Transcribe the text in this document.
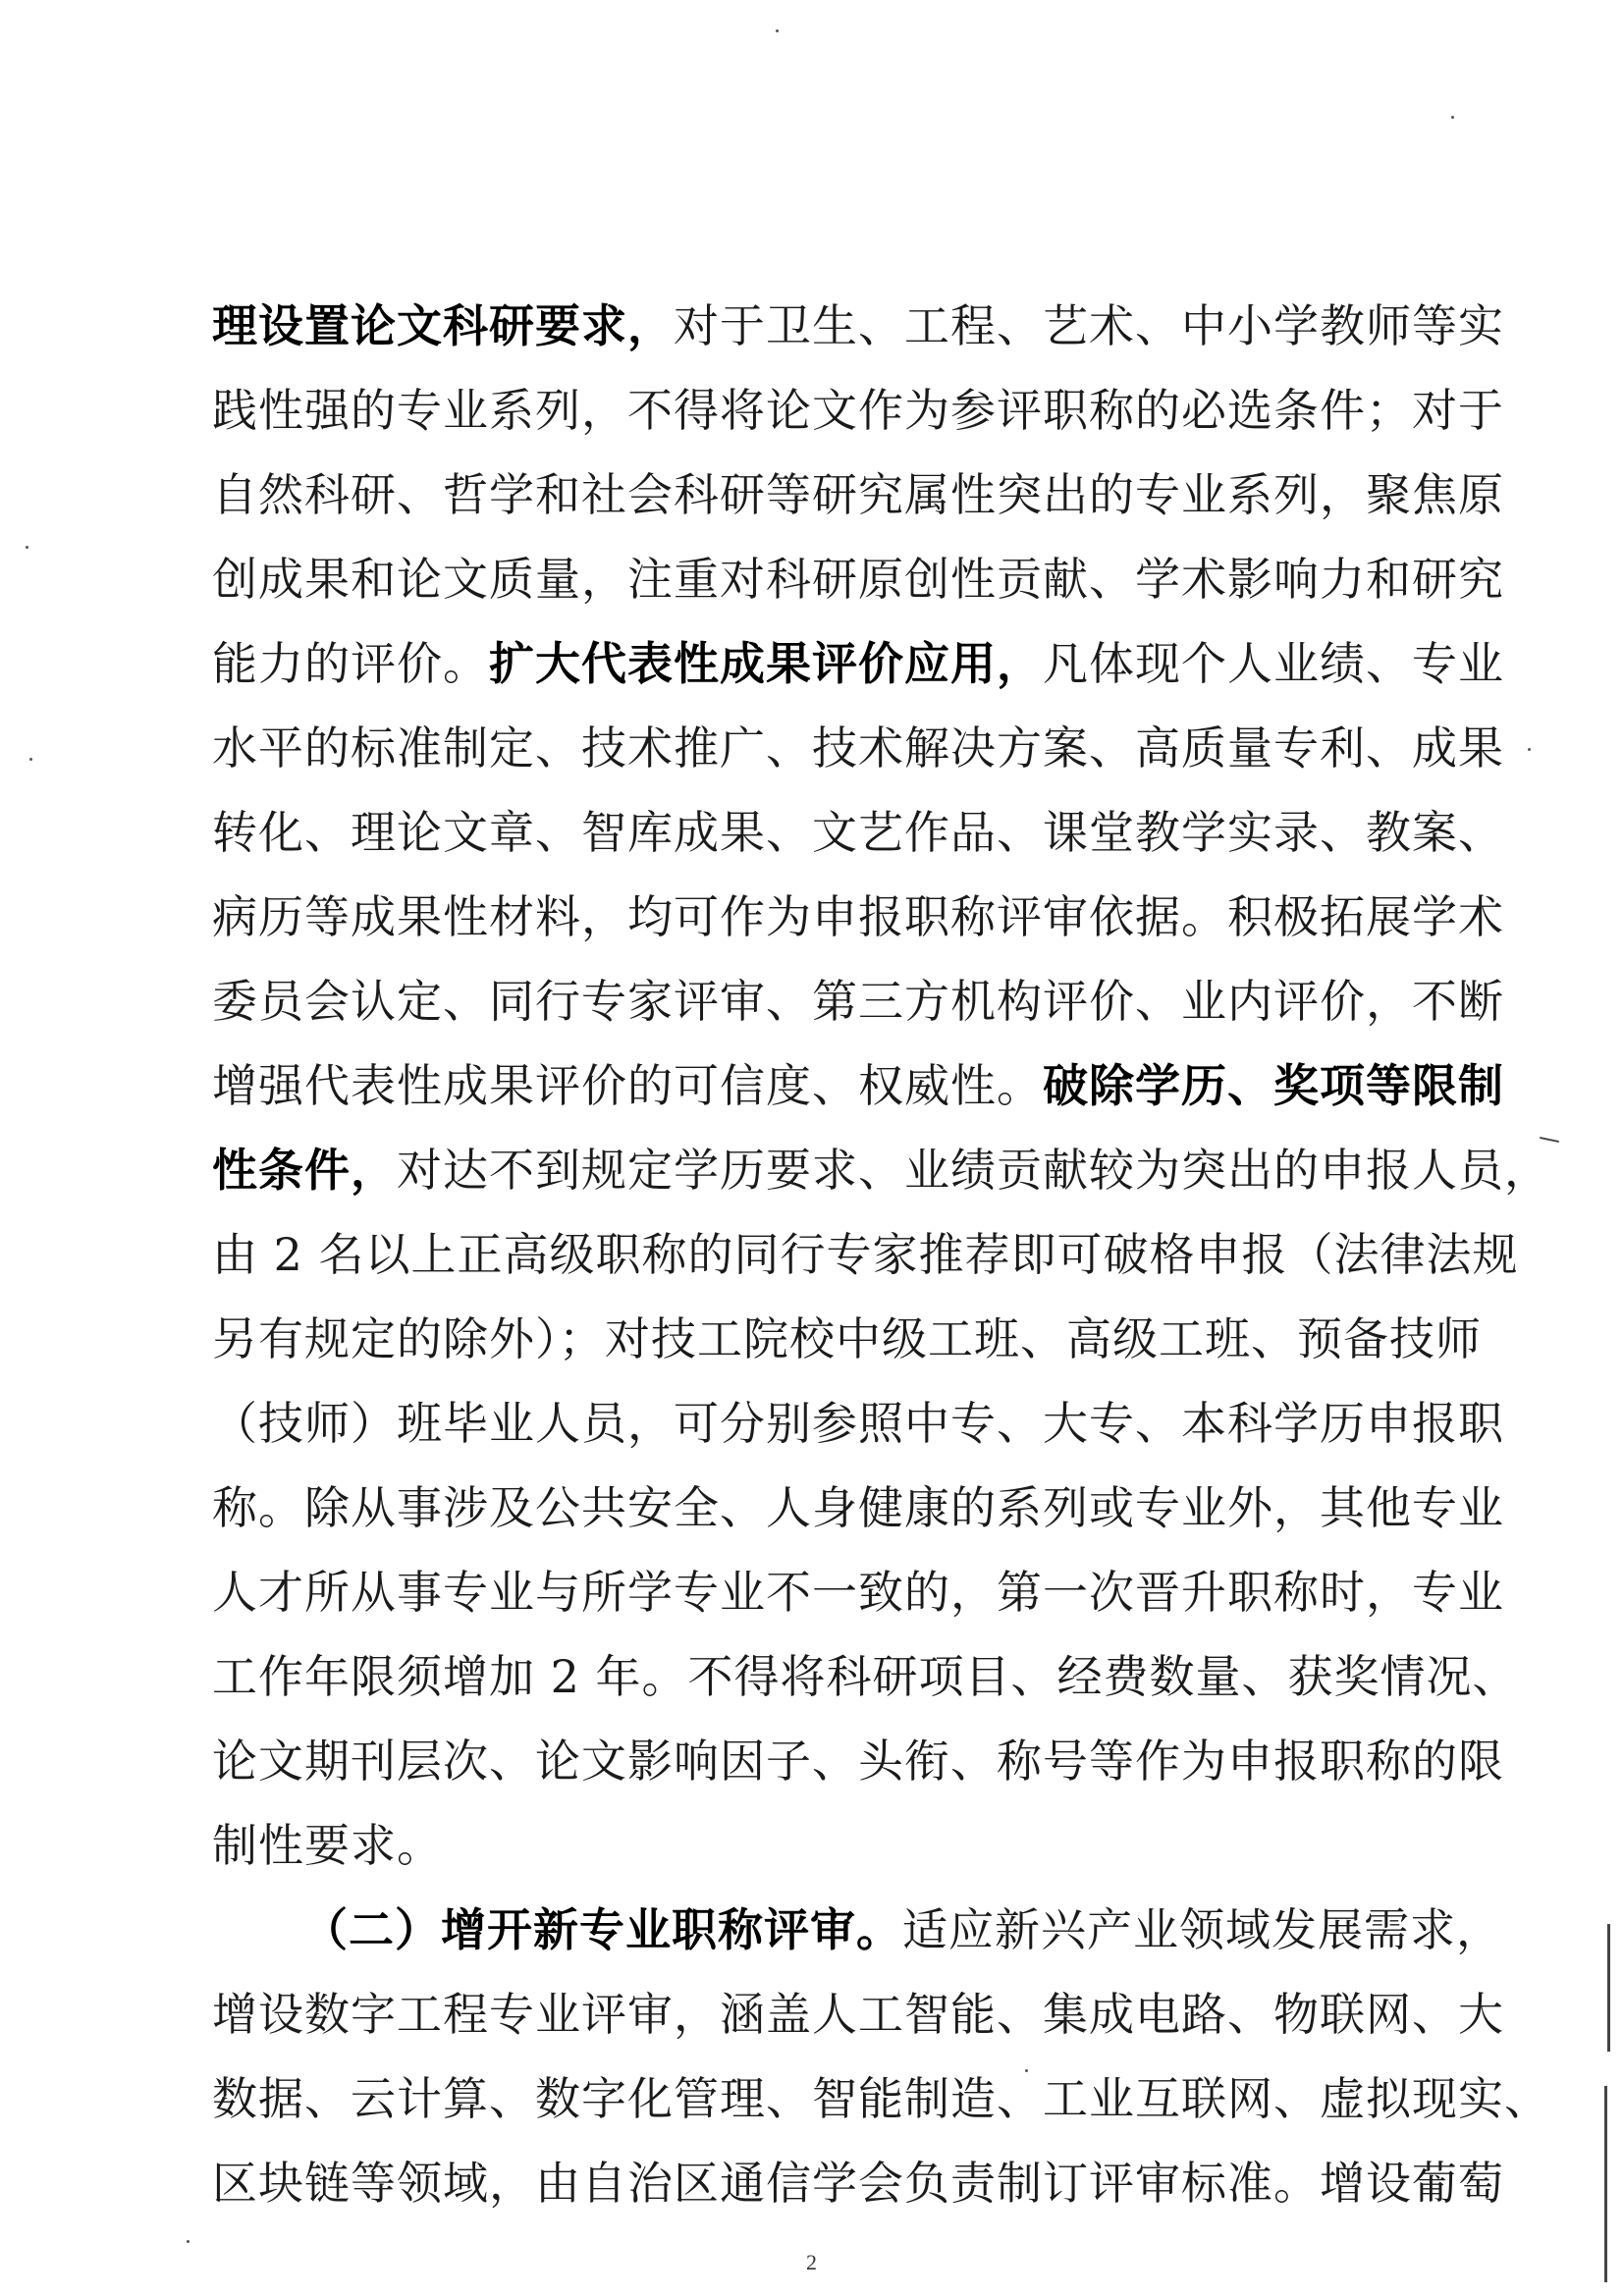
理设置论文科研要求，对于卫生、工程、艺术、中小学教师等实
践性强的专业系列，不得将论文作为参评职称的必选条件；对于
自然科研、哲学和社会科研等研究属性突出的专业系列，聚焦原
创成果和论文质量，注重对科研原创性贡献、学术影响力和研究
能力的评价。扩大代表性成果评价应用，凡体现个人业绩、专业
水平的标准制定、技术推广、技术解决方案、高质量专利、成果
转化、理论文章、智库成果、文艺作品、课堂教学实录、教案、
病历等成果性材料，均可作为申报职称评审依据。积极拓展学术
委员会认定、同行专家评审、第三方机构评价、业内评价，不断
增强代表性成果评价的可信度、权威性。破除学历、奖项等限制
性条件，对达不到规定学历要求、业绩贡献较为突出的申报人员，
由 2 名以上正高级职称的同行专家推荐即可破格申报（法律法规
另有规定的除外）；对技工院校中级工班、高级工班、预备技师
（技师）班毕业人员，可分别参照中专、大专、本科学历申报职
称。除从事涉及公共安全、人身健康的系列或专业外，其他专业
人才所从事专业与所学专业不一致的，第一次晋升职称时，专业
工作年限须增加 2 年。不得将科研项目、经费数量、获奖情况、
论文期刊层次、论文影响因子、头衔、称号等作为申报职称的限
制性要求。
（二）增开新专业职称评审。适应新兴产业领域发展需求，
增设数字工程专业评审，涵盖人工智能、集成电路、物联网、大
数据、云计算、数字化管理、智能制造、工业互联网、虚拟现实、
区块链等领域，由自治区通信学会负责制订评审标准。增设葡萄
2
